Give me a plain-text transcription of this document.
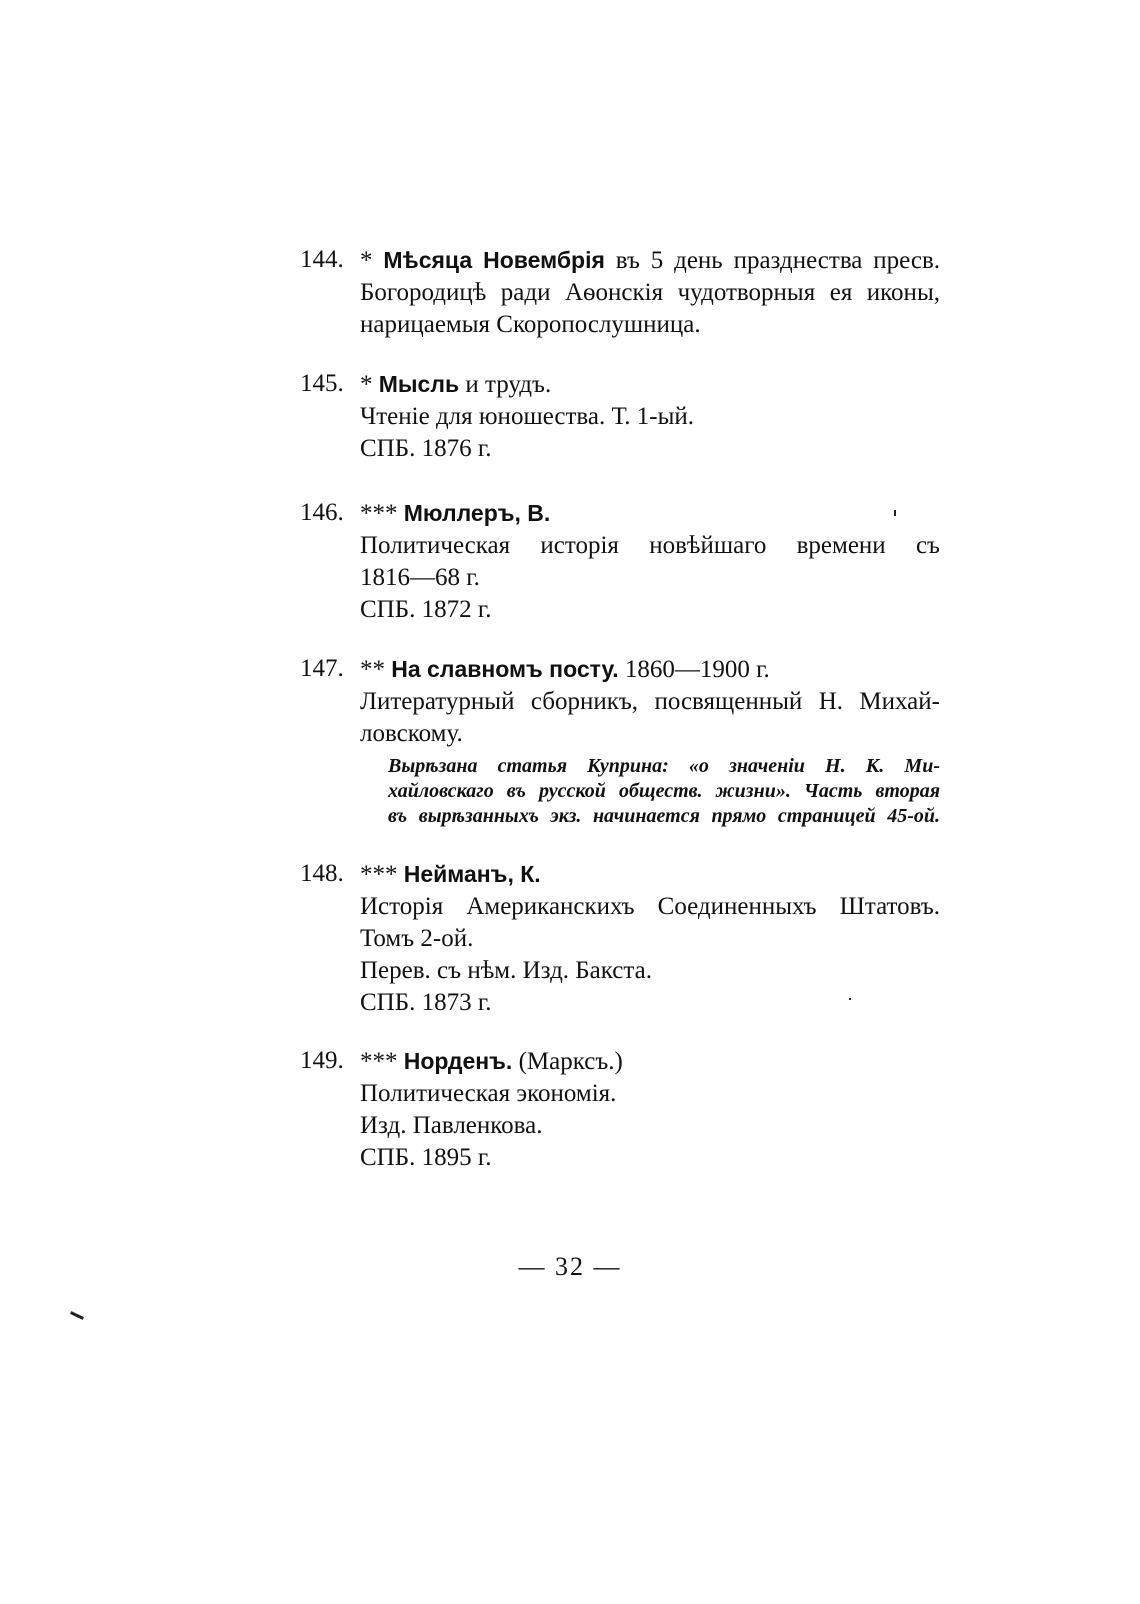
144. * Мѣсяца Новембрія въ 5 день празднества пресв.
Богородицѣ ради Аѳонскія чудотворныя ея иконы,
нарицаемыя Скоропослушница.
145. * Мысль и трудъ.
Чтеніе для юношества. Т. 1-ый.
СПБ. 1876 г.
146. *** Мюллеръ, В.
Политическая исторія новѣйшаго времени съ
1816—68 г.
СПБ. 1872 г.
147. ** На славномъ посту. 1860—1900 г.
Литературный сборникъ, посвященный Н. Михай-
ловскому.
Вырѣзана статья Куприна: «о значеніи Н. К. Ми-
хайловскаго въ русской обществ. жизни». Часть вторая
въ вырѣзанныхъ экз. начинается прямо страницей 45-ой.
148. *** Нейманъ, К.
Исторія Американскихъ Соединенныхъ Штатовъ.
Томъ 2-ой.
Перев. съ нѣм. Изд. Бакста.
СПБ. 1873 г.
149. *** Норденъ. (Марксъ.)
Политическая экономія.
Изд. Павленкова.
СПБ. 1895 г.
— 32 —
